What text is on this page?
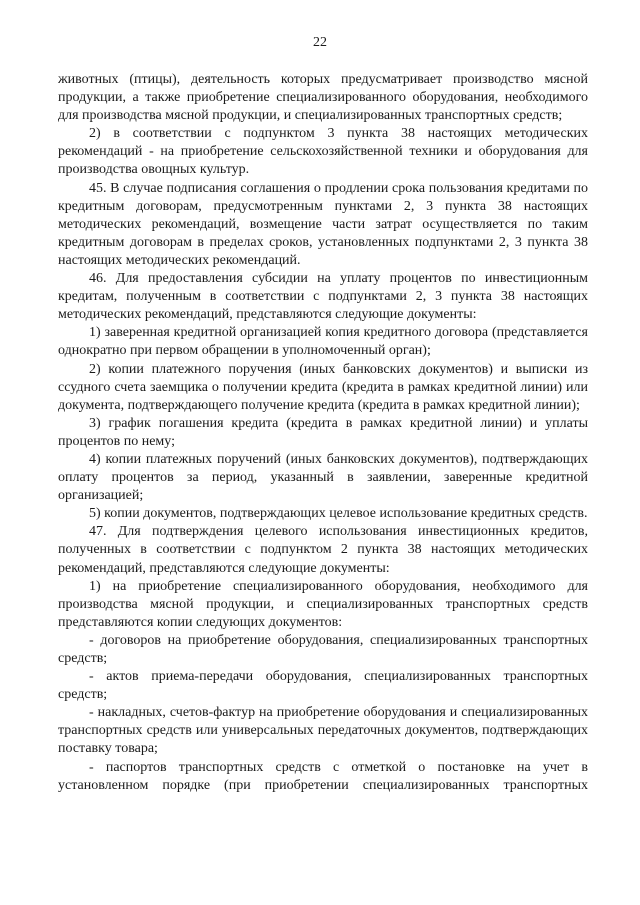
22

животных (птицы), деятельность которых предусматривает производство мясной продукции, а также приобретение специализированного оборудования, необходимого для производства мясной продукции, и специализированных транспортных средств;

2) в соответствии с подпунктом 3 пункта 38 настоящих методических рекомендаций - на приобретение сельскохозяйственной техники и оборудования для производства овощных культур.

45. В случае подписания соглашения о продлении срока пользования кредитами по кредитным договорам, предусмотренным пунктами 2, 3 пункта 38 настоящих методических рекомендаций, возмещение части затрат осуществляется по таким кредитным договорам в пределах сроков, установленных подпунктами 2, 3 пункта 38 настоящих методических рекомендаций.

46. Для предоставления субсидии на уплату процентов по инвестиционным кредитам, полученным в соответствии с подпунктами 2, 3 пункта 38 настоящих методических рекомендаций, представляются следующие документы:

1) заверенная кредитной организацией копия кредитного договора (представляется однократно при первом обращении в уполномоченный орган);

2) копии платежного поручения (иных банковских документов) и выписки из ссудного счета заемщика о получении кредита (кредита в рамках кредитной линии) или документа, подтверждающего получение кредита (кредита в рамках кредитной линии);

3) график погашения кредита (кредита в рамках кредитной линии) и уплаты процентов по нему;

4) копии платежных поручений (иных банковских документов), подтверждающих оплату процентов за период, указанный в заявлении, заверенные кредитной организацией;

5) копии документов, подтверждающих целевое использование кредитных средств.

47. Для подтверждения целевого использования инвестиционных кредитов, полученных в соответствии с подпунктом 2 пункта 38 настоящих методических рекомендаций, представляются следующие документы:

1) на приобретение специализированного оборудования, необходимого для производства мясной продукции, и специализированных транспортных средств представляются копии следующих документов:

- договоров на приобретение оборудования, специализированных транспортных средств;

- актов приема-передачи оборудования, специализированных транспортных средств;

- накладных, счетов-фактур на приобретение оборудования и специализированных транспортных средств или универсальных передаточных документов, подтверждающих поставку товара;

- паспортов транспортных средств с отметкой о постановке на учет в установленном порядке (при приобретении специализированных транспортных
